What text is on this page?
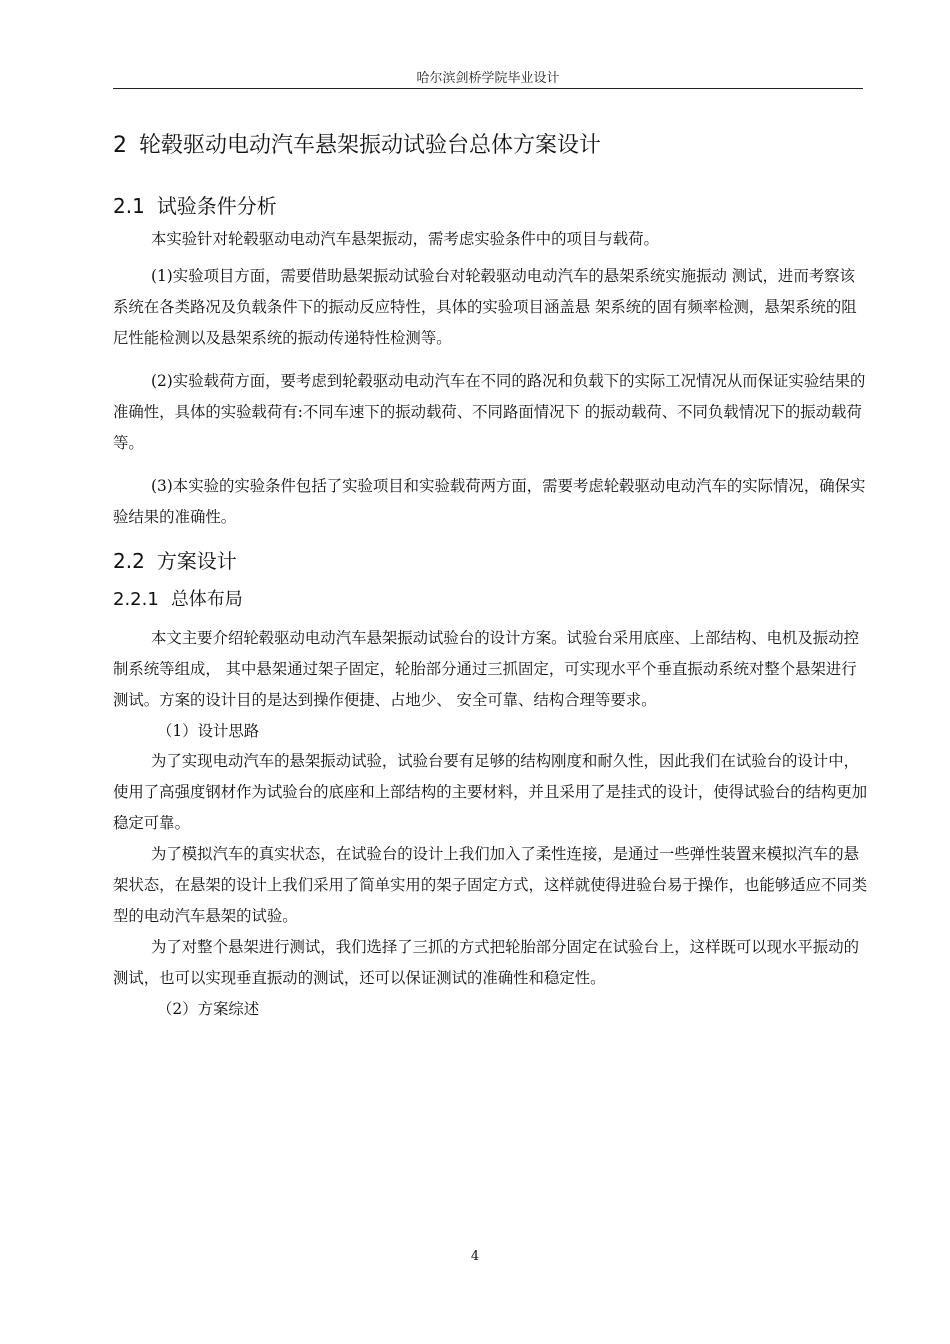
哈尔滨剑桥学院毕业设计
2 轮毂驱动电动汽车悬架振动试验台总体方案设计
2.1 试验条件分析

本实验针对轮毂驱动电动汽车悬架振动，需考虑实验条件中的项目与载荷。

(1)实验项目方面，需要借助悬架振动试验台对轮毂驱动电动汽车的悬架系统实施振动 测试，进而考察该系统在各类路况及负载条件下的振动反应特性，具体的实验项目涵盖悬 架系统的固有频率检测，悬架系统的阻尼性能检测以及悬架系统的振动传递特性检测等。

(2)实验载荷方面，要考虑到轮毂驱动电动汽车在不同的路况和负载下的实际工况情况从而保证实验结果的准确性，具体的实验载荷有:不同车速下的振动载荷、不同路面情况下 的振动载荷、不同负载情况下的振动载荷等。

(3)本实验的实验条件包括了实验项目和实验载荷两方面，需要考虑轮毂驱动电动汽车的实际情况，确保实验结果的准确性。

2.2 方案设计
2.2.1 总体布局

本文主要介绍轮毂驱动电动汽车悬架振动试验台的设计方案。试验台采用底座、上部结构、电机及振动控制系统等组成， 其中悬架通过架子固定，轮胎部分通过三抓固定，可实现水平个垂直振动系统对整个悬架进行测试。方案的设计目的是达到操作便捷、占地少、 安全可靠、结构合理等要求。

（1）设计思路

为了实现电动汽车的悬架振动试验，试验台要有足够的结构刚度和耐久性，因此我们在试验台的设计中，使用了高强度钢材作为试验台的底座和上部结构的主要材料，并且采用了是挂式的设计，使得试验台的结构更加稳定可靠。

为了模拟汽车的真实状态，在试验台的设计上我们加入了柔性连接，是通过一些弹性装置来模拟汽车的悬架状态，在悬架的设计上我们采用了简单实用的架子固定方式，这样就使得进验台易于操作，也能够适应不同类型的电动汽车悬架的试验。

为了对整个悬架进行测试，我们选择了三抓的方式把轮胎部分固定在试验台上，这样既可以现水平振动的测试，也可以实现垂直振动的测试，还可以保证测试的准确性和稳定性。

（2）方案综述

4
